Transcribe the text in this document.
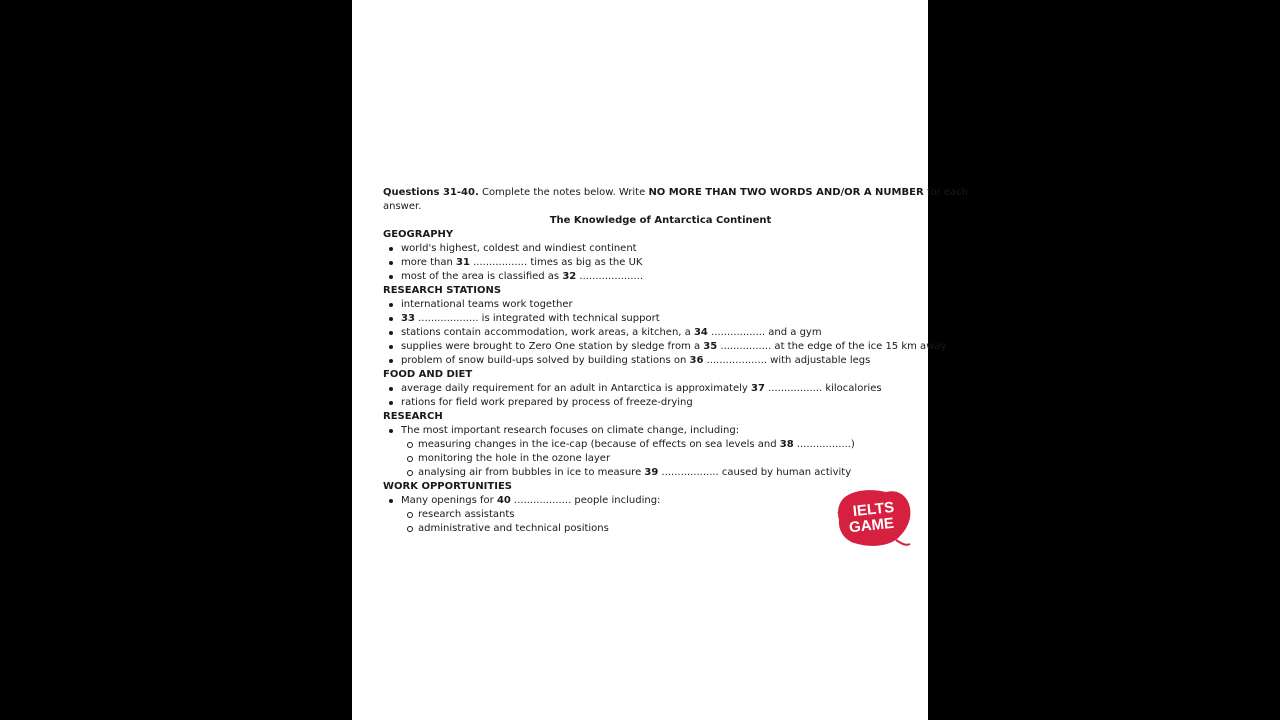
Questions 31-40. Complete the notes below. Write NO MORE THAN TWO WORDS AND/OR A NUMBER for each

answer.

The Knowledge of Antarctica Continent

GEOGRAPHY

world's highest, coldest and windiest continent
more than 31 ................. times as big as the UK
most of the area is classified as 32 ....................

RESEARCH STATIONS

international teams work together
33 ................... is integrated with technical support
stations contain accommodation, work areas, a kitchen, a 34 ................. and a gym
supplies were brought to Zero One station by sledge from a 35 ................ at the edge of the ice 15 km away
problem of snow build-ups solved by building stations on 36 ................... with adjustable legs

FOOD AND DIET

average daily requirement for an adult in Antarctica is approximately 37 ................. kilocalories
rations for field work prepared by process of freeze-drying

RESEARCH

The most important research focuses on climate change, including:
measuring changes in the ice-cap (because of effects on sea levels and 38 .................)
monitoring the hole in the ozone layer
analysing air from bubbles in ice to measure 39 .................. caused by human activity

WORK OPPORTUNITIES

Many openings for 40 .................. people including:
research assistants
administrative and technical positions
IELTS
GAME
